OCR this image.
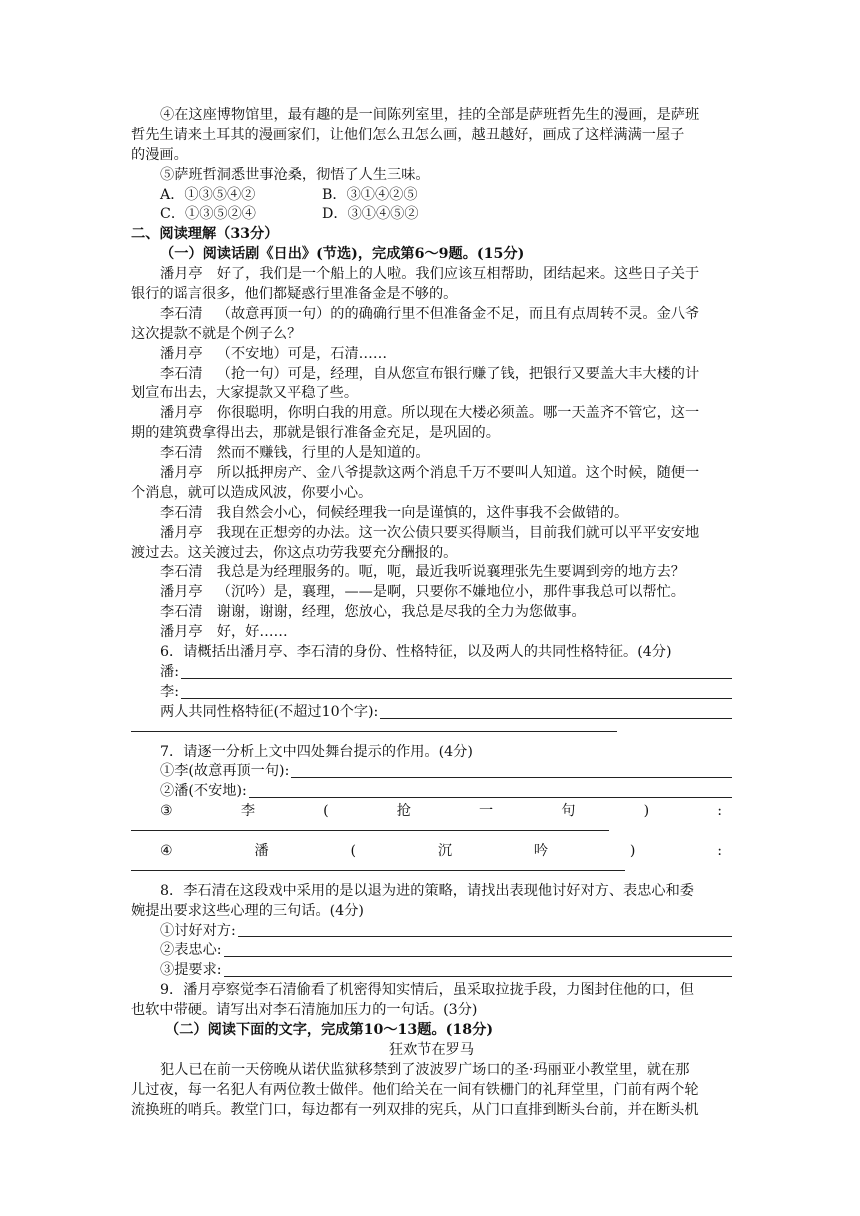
④在这座博物馆里，最有趣的是一间陈列室里，挂的全部是萨班哲先生的漫画，是萨班
哲先生请来土耳其的漫画家们，让他们怎么丑怎么画，越丑越好，画成了这样满满一屋子
的漫画。
⑤萨班哲洞悉世事沧桑，彻悟了人生三味。
A．①③⑤④②	B．③①④②⑤
C．①③⑤②④	D．③①④⑤②
二、阅读理解（33分）
（一）阅读话剧《日出》(节选)，完成第6～9题。(15分)
潘月亭 好了，我们是一个船上的人啦。我们应该互相帮助，团结起来。这些日子关于
银行的谣言很多，他们都疑惑行里准备金是不够的。
李石清 （故意再顶一句）的的确确行里不但准备金不足，而且有点周转不灵。金八爷
这次提款不就是个例子么？
潘月亭 （不安地）可是，石清……
李石清 （抢一句）可是，经理，自从您宣布银行赚了钱，把银行又要盖大丰大楼的计
划宣布出去，大家提款又平稳了些。
潘月亭 你很聪明，你明白我的用意。所以现在大楼必须盖。哪一天盖齐不管它，这一
期的建筑费拿得出去，那就是银行准备金充足，是巩固的。
李石清 然而不赚钱，行里的人是知道的。
潘月亭 所以抵押房产、金八爷提款这两个消息千万不要叫人知道。这个时候，随便一
个消息，就可以造成风波，你要小心。
李石清 我自然会小心，伺候经理我一向是谨慎的，这件事我不会做错的。
潘月亭 我现在正想旁的办法。这一次公债只要买得顺当，目前我们就可以平平安安地
渡过去。这关渡过去，你这点功劳我要充分酬报的。
李石清 我总是为经理服务的。呃，呃，最近我听说襄理张先生要调到旁的地方去？
潘月亭 （沉吟）是，襄理，——是啊，只要你不嫌地位小，那件事我总可以帮忙。
李石清 谢谢，谢谢，经理，您放心，我总是尽我的全力为您做事。
潘月亭 好，好……
6．请概括出潘月亭、李石清的身份、性格特征，以及两人的共同性格特征。(4分)
潘:
李:
两人共同性格特征(不超过10个字):
7．请逐一分析上文中四处舞台提示的作用。(4分)
①李(故意再顶一句):
②潘(不安地):
③	李	(	抢	一	句	)	:
④	潘	(	沉	吟	)	:
8．李石清在这段戏中采用的是以退为进的策略，请找出表现他讨好对方、表忠心和委
婉提出要求这些心理的三句话。(4分)
①讨好对方:
②表忠心:
③提要求:
9．潘月亭察觉李石清偷看了机密得知实情后，虽采取拉拢手段，力图封住他的口，但
也软中带硬。请写出对李石清施加压力的一句话。(3分)
（二）阅读下面的文字，完成第10～13题。(18分)
狂欢节在罗马
犯人已在前一天傍晚从诺伏监狱移禁到了波波罗广场口的圣·玛丽亚小教堂里，就在那
儿过夜，每一名犯人有两位教士做伴。他们给关在一间有铁栅门的礼拜堂里，门前有两个轮
流换班的哨兵。教堂门口，每边都有一列双排的宪兵，从门口直排到断头台前，并在断头机
